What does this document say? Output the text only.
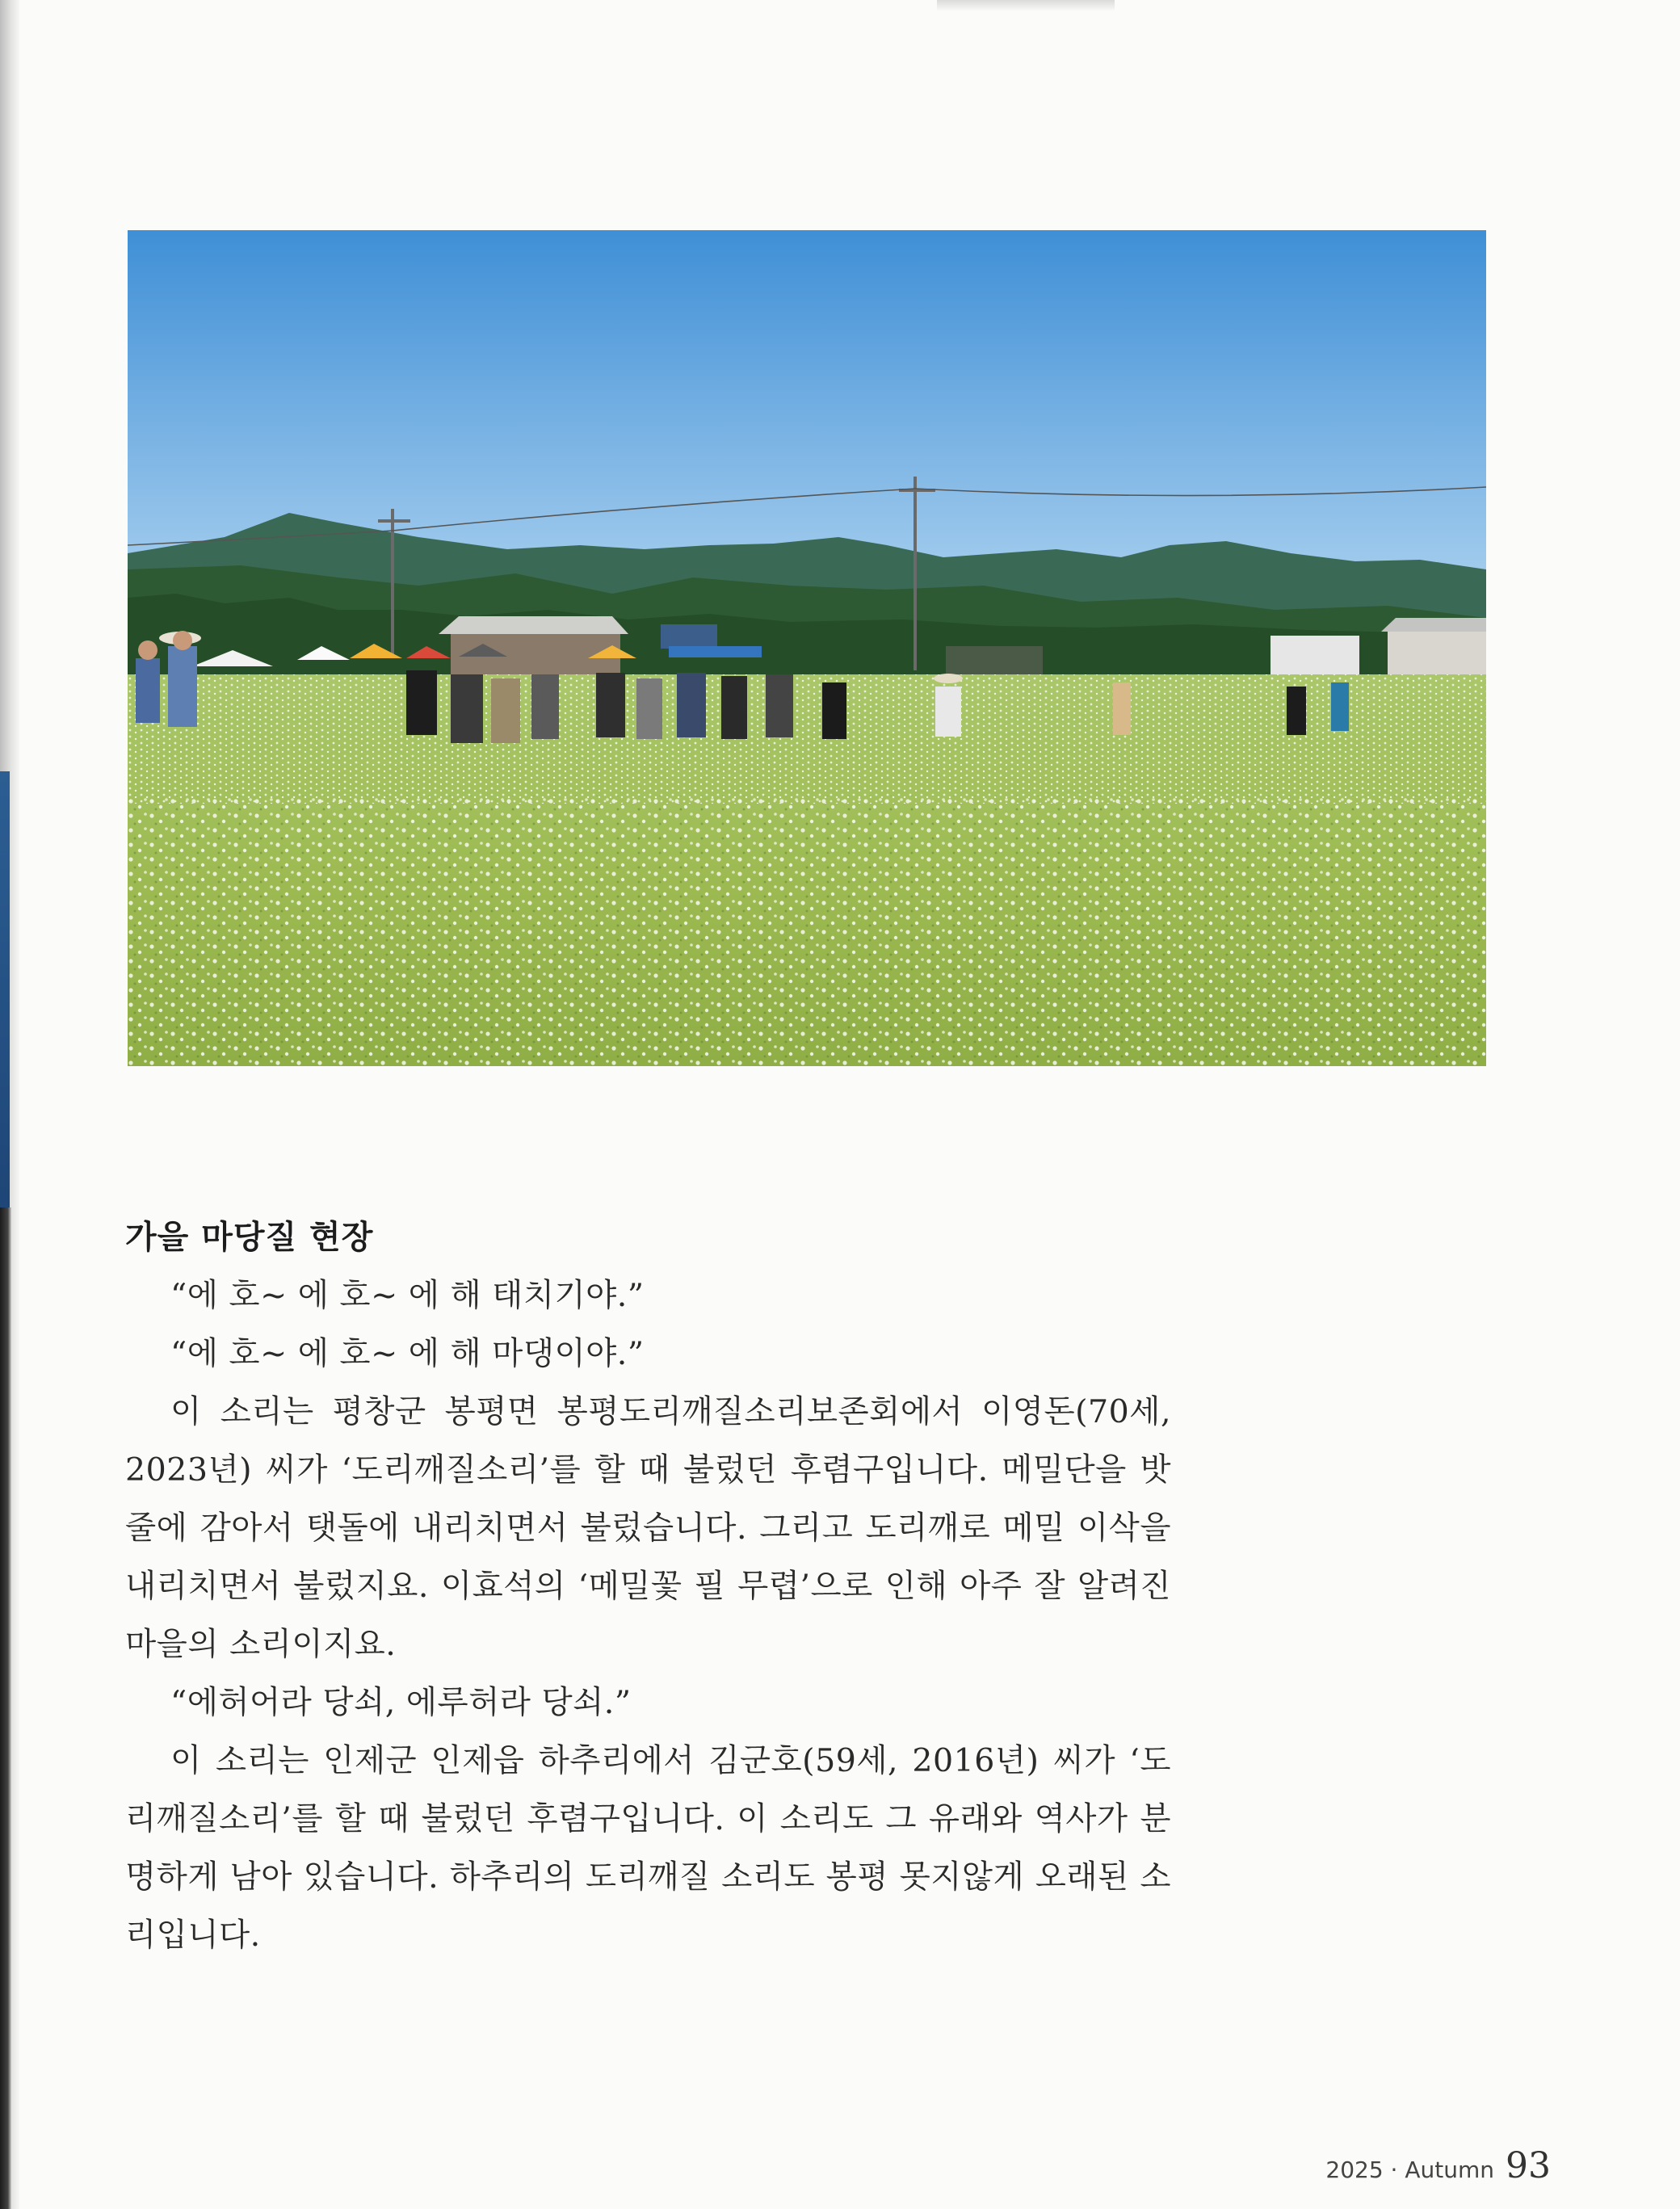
가을 마당질 현장

“에 호~ 에 호~ 에 해 태치기야.”

“에 호~ 에 호~ 에 해 마댕이야.”

이 소리는 평창군 봉평면 봉평도리깨질소리보존회에서 이영돈(70세, 2023년) 씨가 ‘도리깨질소리’를 할 때 불렀던 후렴구입니다. 메밀단을 밧줄에 감아서 탯돌에 내리치면서 불렀습니다. 그리고 도리깨로 메밀 이삭을 내리치면서 불렀지요. 이효석의 ‘메밀꽃 필 무렵’으로 인해 아주 잘 알려진 마을의 소리이지요.

“에허어라 당쇠, 에루허라 당쇠.”

이 소리는 인제군 인제읍 하추리에서 김군호(59세, 2016년) 씨가 ‘도리깨질소리’를 할 때 불렀던 후렴구입니다. 이 소리도 그 유래와 역사가 분명하게 남아 있습니다. 하추리의 도리깨질 소리도 봉평 못지않게 오래된 소리입니다.

2025 · Autumn 93
